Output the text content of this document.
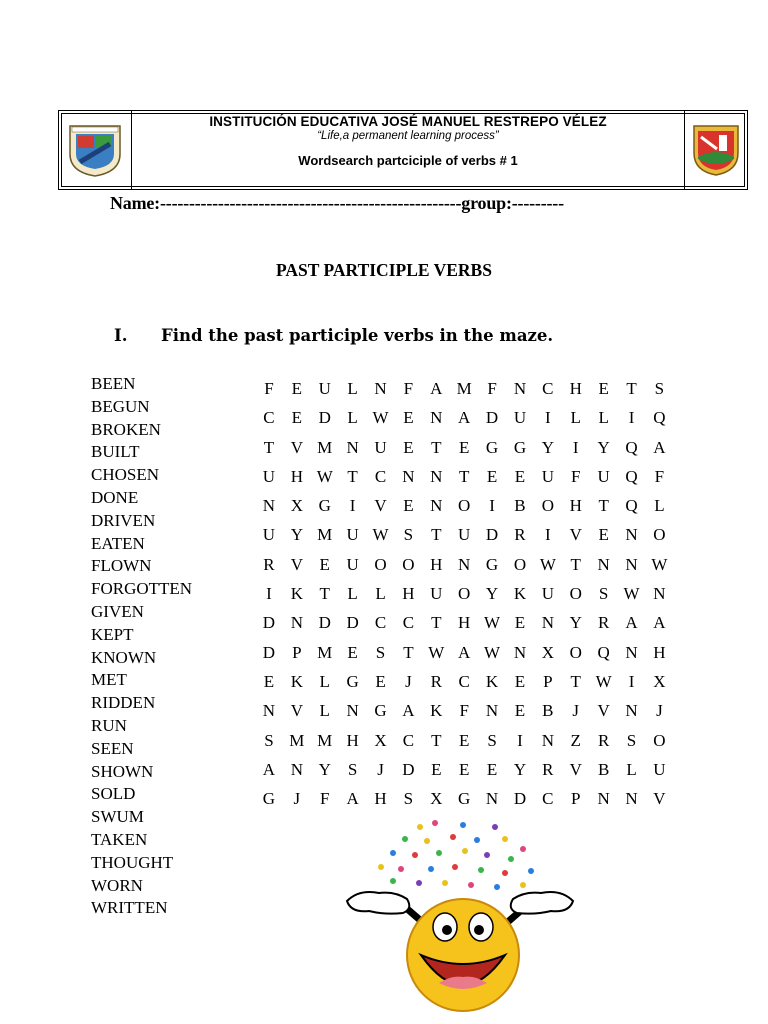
INSTITUCIÓN EDUCATIVA JOSÉ MANUEL RESTREPO VÉLEZ
“Life,a permanent learning process”
Wordsearch partciciple of verbs # 1
Name:----------------------------------------------------group:---------
PAST PARTICIPLE VERBS
I.	Find the past participle verbs in the maze.
BEEN
BEGUN
BROKEN
BUILT
CHOSEN
DONE
DRIVEN
EATEN
FLOWN
FORGOTTEN
GIVEN
KEPT
KNOWN
MET
RIDDEN
RUN
SEEN
SHOWN
SOLD
SWUM
TAKEN
THOUGHT
WORN
WRITTEN
F	E U L N	F	A M F	N C H E	T	S
C	E D L W E N A D U	I	L	L	I	Q
T V M N U E	T	E G G Y	I	Y Q A
U H W T	C N N T	E	E U	F	U Q	F
N X G	I	V E N O	I	B O H T Q L
U Y M U W S	T U D R	I	V E N O
R V E U O O H N G O W T N N W
I	K T	L	L H U O Y K U O	S W N
D N D D C C	T H W E N Y R A A
D	P M E	S	T W A W N X O Q N H
E K L G E	J	R C K E	P	T W	I	X
N V L N G A K	F	N E	B	J	V N	J
S M M H X C	T	E	S	I	N Z	R	S	O
A N Y	S	J	D E	E	E Y R V B	L U
G	J	F	A H	S	X G N D C	P	N N V
